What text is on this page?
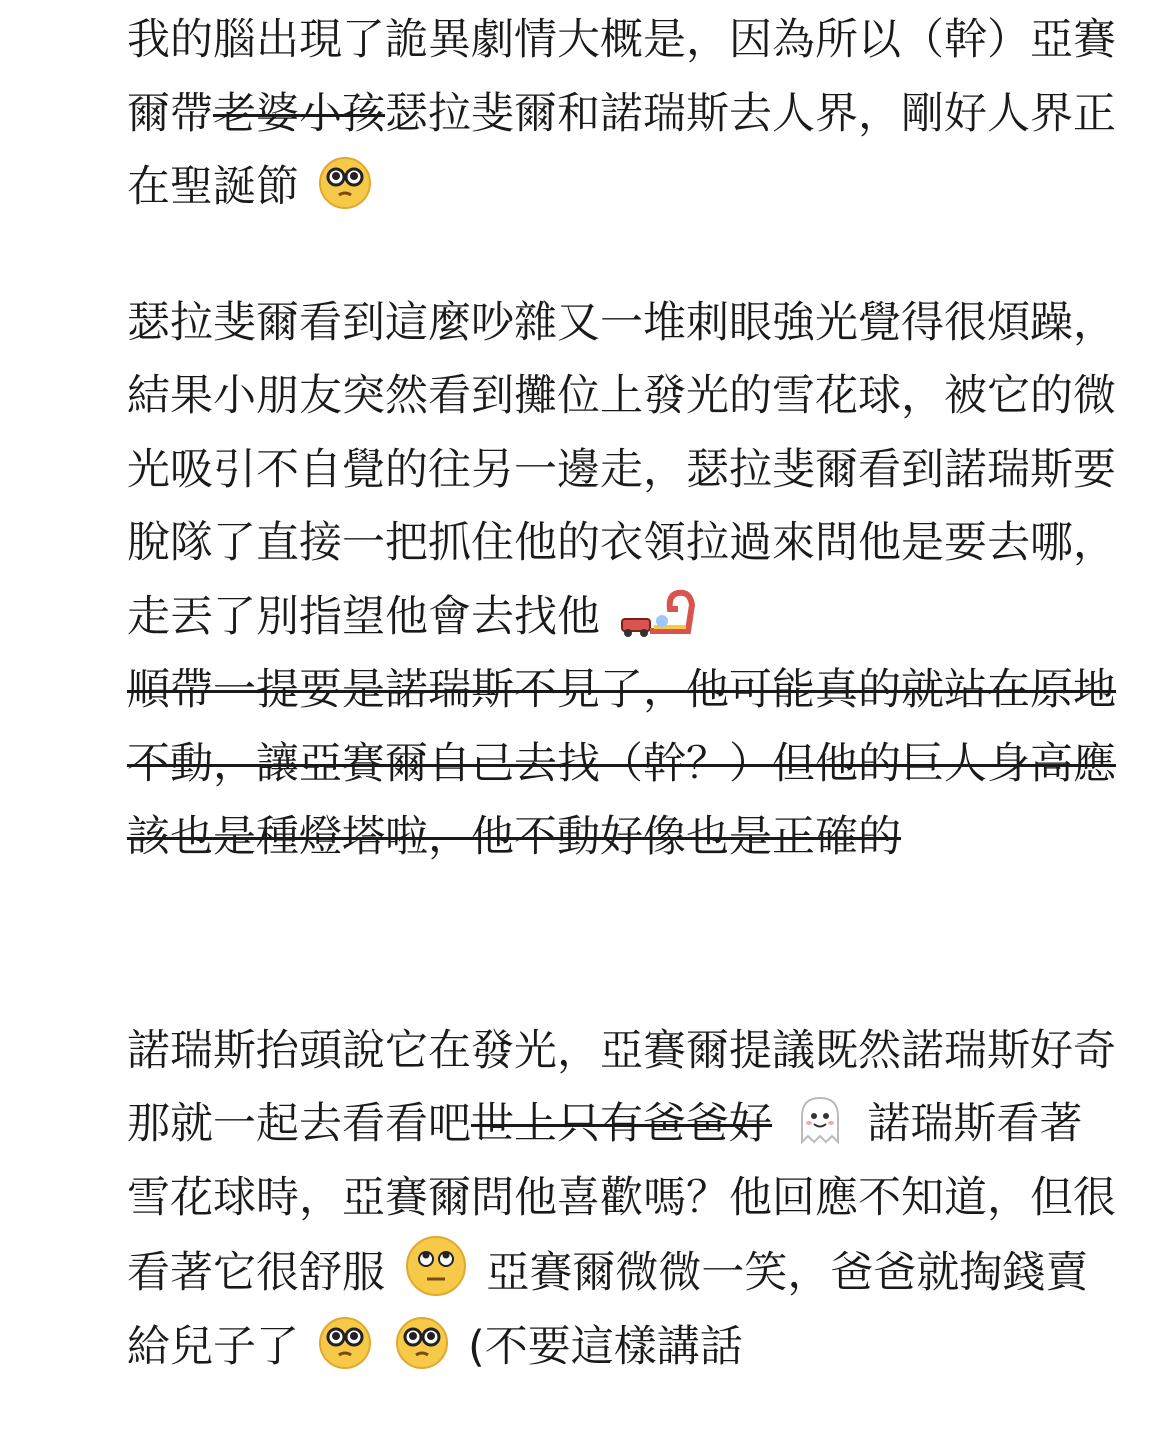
我的腦出現了詭異劇情大概是，因為所以（幹）亞賽爾帶老婆小孩瑟拉斐爾和諾瑞斯去人界，剛好人界正在聖誕節

瑟拉斐爾看到這麼吵雜又一堆刺眼強光覺得很煩躁，結果小朋友突然看到攤位上發光的雪花球，被它的微光吸引不自覺的往另一邊走，瑟拉斐爾看到諾瑞斯要脫隊了直接一把抓住他的衣領拉過來問他是要去哪，走丟了別指望他會去找他

順帶一提要是諾瑞斯不見了，他可能真的就站在原地不動，讓亞賽爾自己去找（幹？）但他的巨人身高應該也是種燈塔啦，他不動好像也是正確的

諾瑞斯抬頭說它在發光，亞賽爾提議既然諾瑞斯好奇那就一起去看看吧世上只有爸爸好 諾瑞斯看著雪花球時，亞賽爾問他喜歡嗎？他回應不知道，但很看著它很舒服 亞賽爾微微一笑，爸爸就掏錢賣給兒子了
	(不要這樣講話
